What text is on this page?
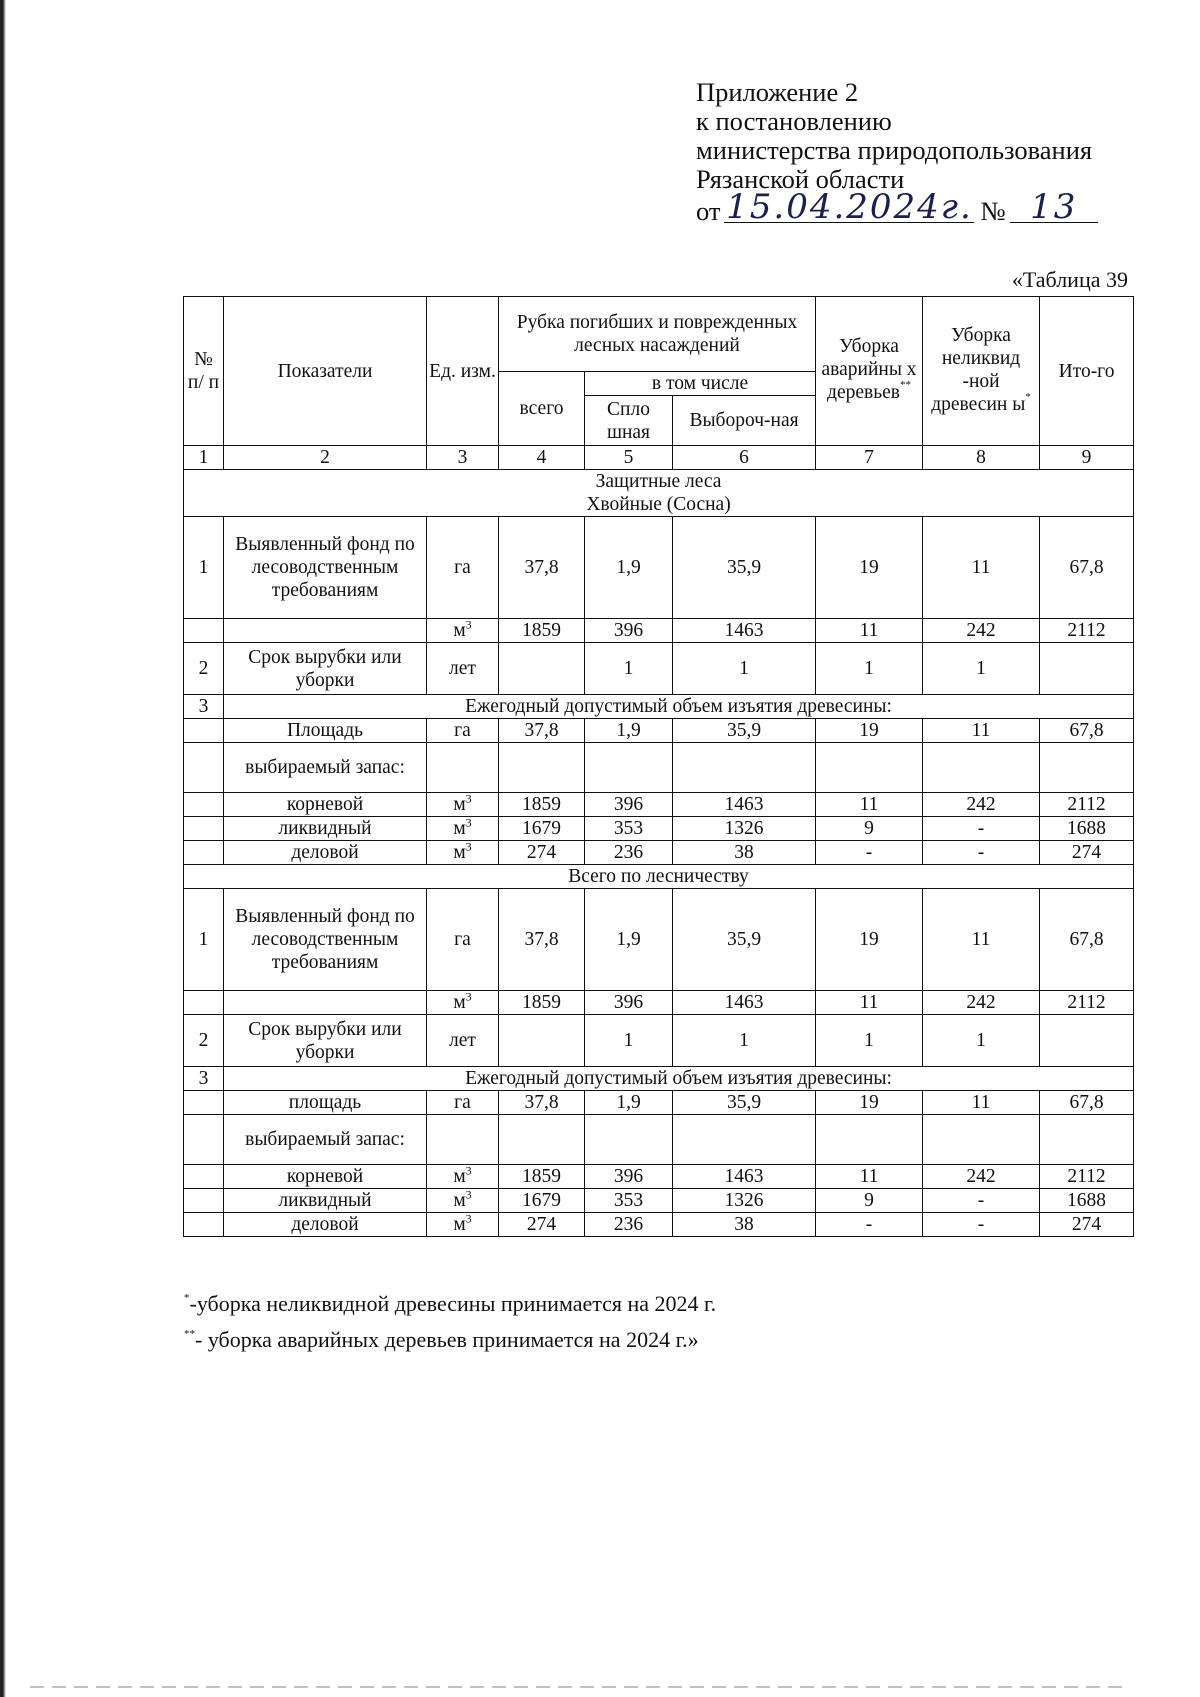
Приложение 2
к постановлению
министерства природопользования
Рязанской области
от 15.04.2024г. № 13
«Таблица 39
№ п/ п	Показатели	Ед. изм.	Рубка погибших и поврежденных лесных насаждений			Уборка аварийны х деревьев**	Уборка неликвид -ной древесин ы*	Ито-го
			всего	в том числе				
				Спло шная	Выбороч-ная			
1	2	3	4	5	6	7	8	9

Защитные леса
Хвойные (Сосна)								

1	Выявленный фонд по лесоводственным требованиям	га	37,8	1,9	35,9	19	11	67,8
		$м^3$	1859	396	1463	11	242	2112
2	Срок вырубки или уборки	лет		1	1	1	1	
3	Ежегодный допустимый объем изъятия древесины:							
	Площадь	га	37,8	1,9	35,9	19	11	67,8
	выбираемый запас:							
	корневой	$м^3$	1859	396	1463	11	242	2112
	ликвидный	$м^3$	1679	353	1326	9	-	1688
	деловой	$м^3$	274	236	38	-	-	274

Всего по лесничеству								

1	Выявленный фонд по лесоводственным требованиям	га	37,8	1,9	35,9	19	11	67,8
		$м^3$	1859	396	1463	11	242	2112
2	Срок вырубки или уборки	лет		1	1	1	1	
3	Ежегодный допустимый объем изъятия древесины:							
	площадь	га	37,8	1,9	35,9	19	11	67,8
	выбираемый запас:							
	корневой	$м^3$	1859	396	1463	11	242	2112
	ликвидный	$м^3$	1679	353	1326	9	-	1688
	деловой	$м^3$	274	236	38	-	-	274
*-уборка неликвидной древесины принимается на 2024 г.
**- уборка аварийных деревьев принимается на 2024 г.»
